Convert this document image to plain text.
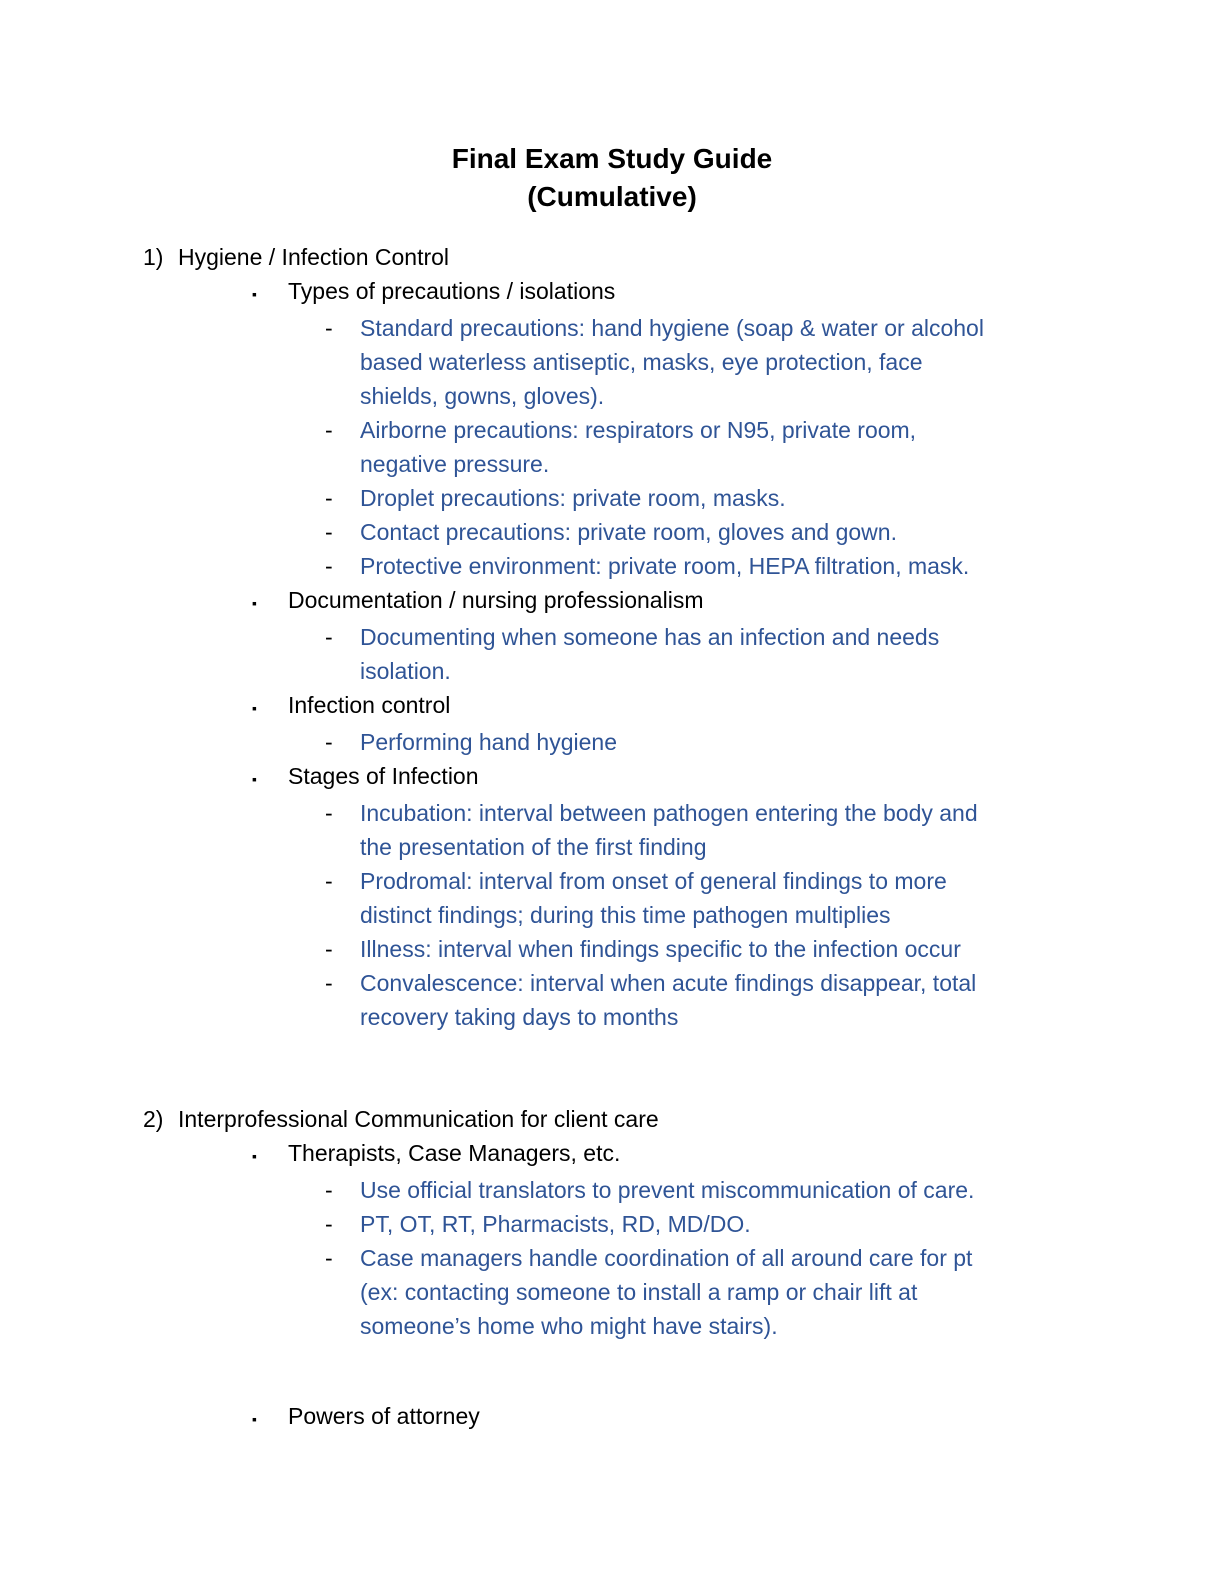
Final Exam Study Guide
(Cumulative)
1) Hygiene / Infection Control
▪	Types of precautions / isolations
-	Standard precautions: hand hygiene (soap & water or alcohol
based waterless antiseptic, masks, eye protection, face
shields, gowns, gloves).
-	Airborne precautions: respirators or N95, private room,
negative pressure.
-	Droplet precautions: private room, masks.
-	Contact precautions: private room, gloves and gown.
-	Protective environment: private room, HEPA filtration, mask.
▪	Documentation / nursing professionalism
-	Documenting when someone has an infection and needs
isolation.
▪	Infection control
-	Performing hand hygiene
▪	Stages of Infection
-	Incubation: interval between pathogen entering the body and
the presentation of the first finding
-	Prodromal: interval from onset of general findings to more
distinct findings; during this time pathogen multiplies
-	Illness: interval when findings specific to the infection occur
-	Convalescence: interval when acute findings disappear, total
recovery taking days to months
2) Interprofessional Communication for client care
▪	Therapists, Case Managers, etc.
-	Use official translators to prevent miscommunication of care.
-	PT, OT, RT, Pharmacists, RD, MD/DO.
-	Case managers handle coordination of all around care for pt
(ex: contacting someone to install a ramp or chair lift at
someone’s home who might have stairs).
▪	Powers of attorney
